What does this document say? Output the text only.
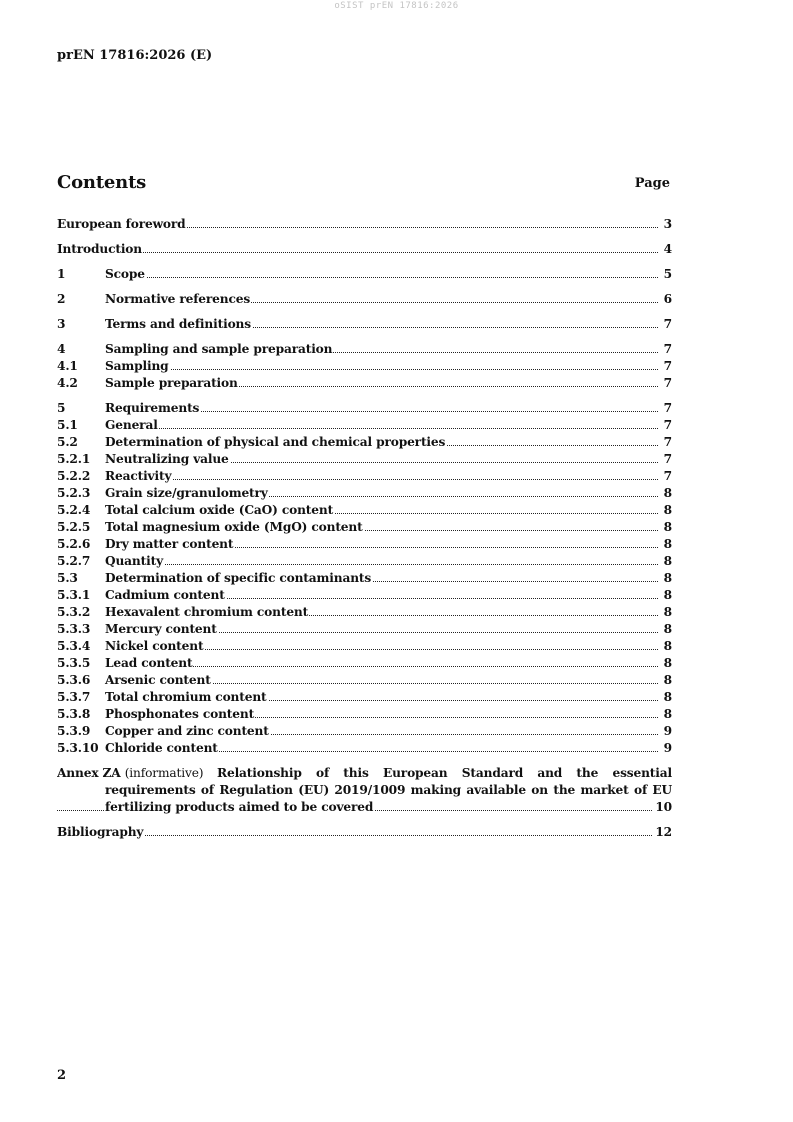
oSIST prEN 17816:2026
prEN 17816:2026 (E)
Contents	Page
European foreword	3
Introduction	4
1	Scope	5
2	Normative references	6
3	Terms and definitions	7
4	Sampling and sample preparation	7
4.1	Sampling	7
4.2	Sample preparation	7
5	Requirements	7
5.1	General	7
5.2	Determination of physical and chemical properties	7
5.2.1	Neutralizing value	7
5.2.2	Reactivity	7
5.2.3	Grain size/granulometry	8
5.2.4	Total calcium oxide (CaO) content	8
5.2.5	Total magnesium oxide (MgO) content	8
5.2.6	Dry matter content	8
5.2.7	Quantity	8
5.3	Determination of specific contaminants	8
5.3.1	Cadmium content	8
5.3.2	Hexavalent chromium content	8
5.3.3	Mercury content	8
5.3.4	Nickel content	8
5.3.5	Lead content	8
5.3.6	Arsenic content	8
5.3.7	Total chromium content	8
5.3.8	Phosphonates content	8
5.3.9	Copper and zinc content	9
5.3.10 Chloride content	9
Annex ZA (informative) Relationship of this European Standard and the essential
requirements of Regulation (EU) 2019/1009 making available on the market of EU
fertilizing products aimed to be covered	10
Bibliography	12
2
